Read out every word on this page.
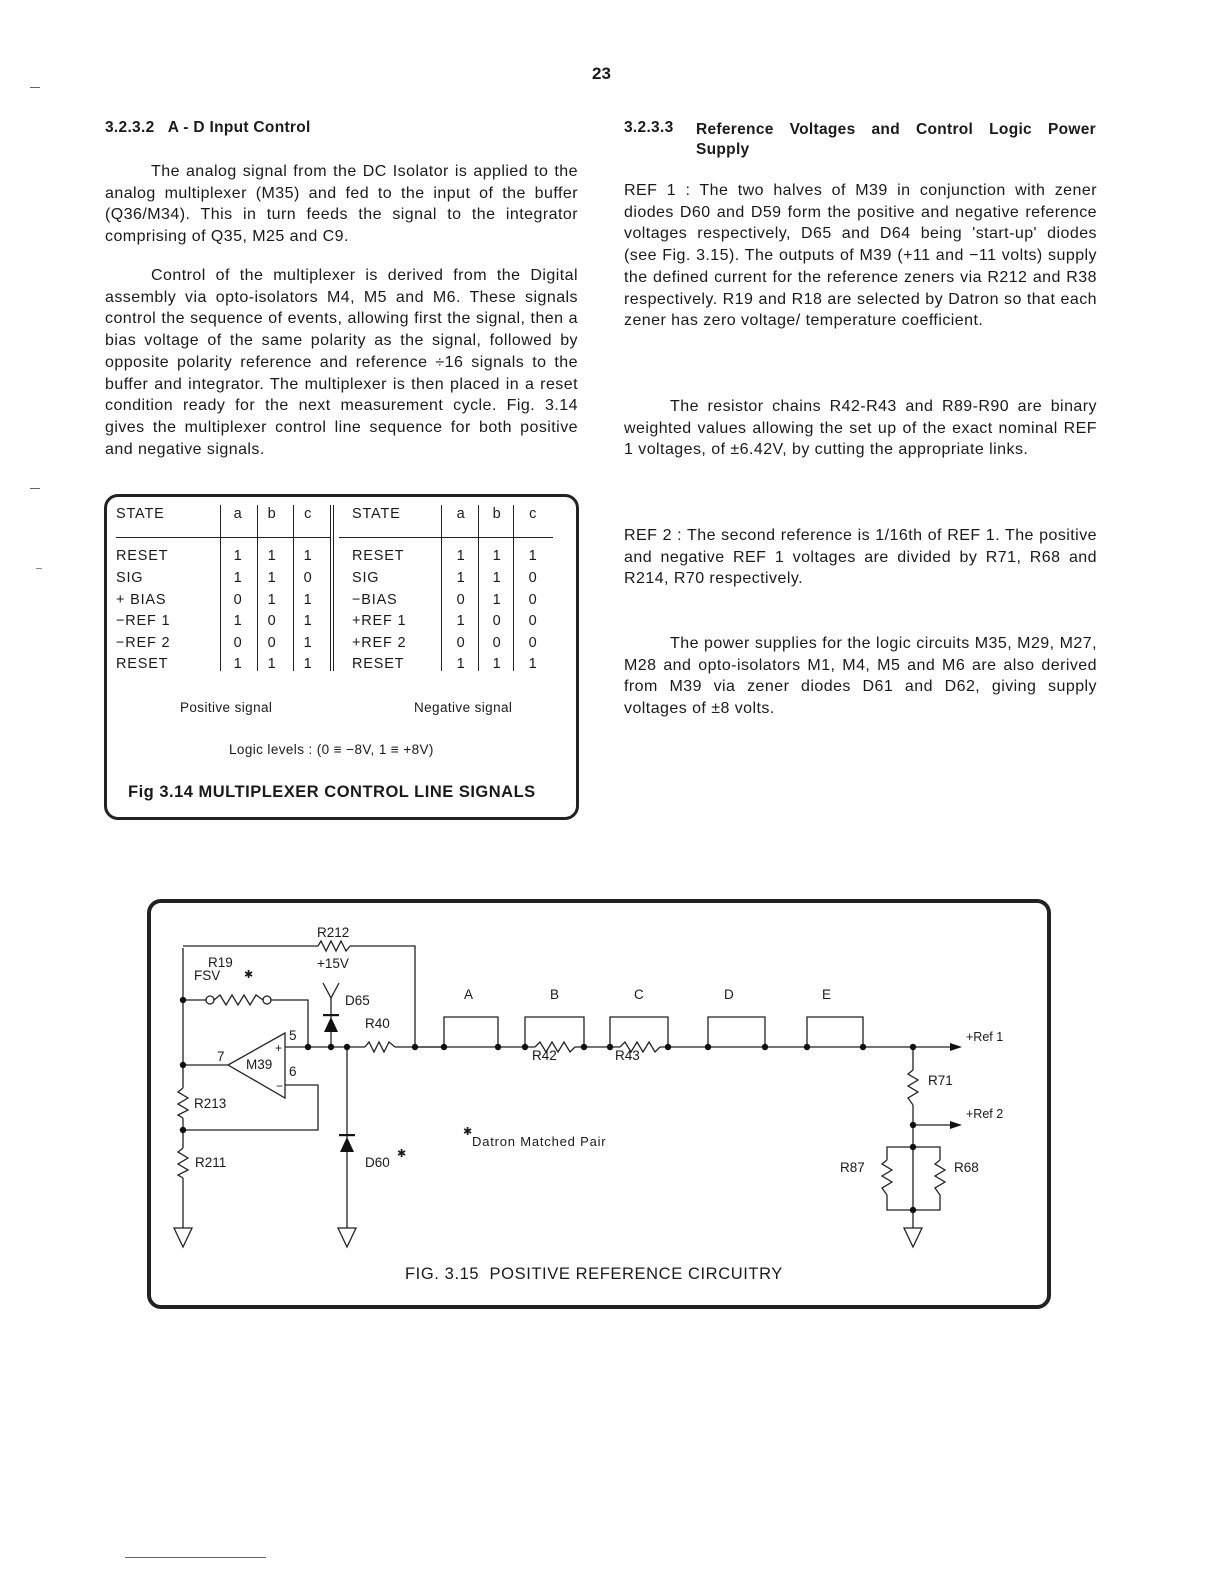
23
3.2.3.2 A - D Input Control

The analog signal from the DC Isolator is applied to the analog multiplexer (M35) and fed to the input of the buffer (Q36/M34). This in turn feeds the signal to the integrator comprising of Q35, M25 and C9.

Control of the multiplexer is derived from the Digital assembly via opto-isolators M4, M5 and M6. These signals control the sequence of events, allowing first the signal, then a bias voltage of the same polarity as the signal, followed by opposite polarity reference and reference ÷16 signals to the buffer and integrator. The multiplexer is then placed in a reset condition ready for the next measurement cycle. Fig. 3.14 gives the multiplexer control line sequence for both positive and negative signals.

3.2.3.3 Reference Voltages and Control Logic Power
Supply

REF 1 : The two halves of M39 in conjunction with zener diodes D60 and D59 form the positive and negative reference voltages respectively, D65 and D64 being 'start-up' diodes (see Fig. 3.15). The outputs of M39 (+11 and −11 volts) supply the defined current for the reference zeners via R212 and R38 respectively. R19 and R18 are selected by Datron so that each zener has zero voltage/ temperature coefficient.

The resistor chains R42-R43 and R89-R90 are binary weighted values allowing the set up of the exact nominal REF 1 voltages, of ±6.42V, by cutting the appropriate links.

REF 2 : The second reference is 1/16th of REF 1. The positive and negative REF 1 voltages are divided by R71, R68 and R214, R70 respectively.

The power supplies for the logic circuits M35, M29, M27, M28 and opto-isolators M1, M4, M5 and M6 are also derived from M39 via zener diodes D61 and D62, giving supply voltages of ±8 volts.

STATE	a b c
RESET	1 1 1
SIG	1 1 0
+ BIAS	0 1 1
−REF 1	1 0 1
−REF 2	0 0 1
RESET	1 1 1
STATE	a b c
RESET	1 1 1
SIG	1 1 0
−BIAS	0 1 0
+REF 1	1 0 0
+REF 2	0 0 0
RESET	1 1 1
Positive signal	Negative signal
Logic levels : (0 ≡ −8V, 1 ≡ +8V)
Fig 3.14 MULTIPLEXER CONTROL LINE SIGNALS
R212
R19
FSV ✱
+15V
D65
R40
M39
5
6
7
+
−
R213
R211	D60
✱
A	B	C	D	E
R42	R43
+Ref 1
+Ref 2
R71
R87	R68
✱
Datron Matched Pair
FIG. 3.15  POSITIVE REFERENCE CIRCUITRY
